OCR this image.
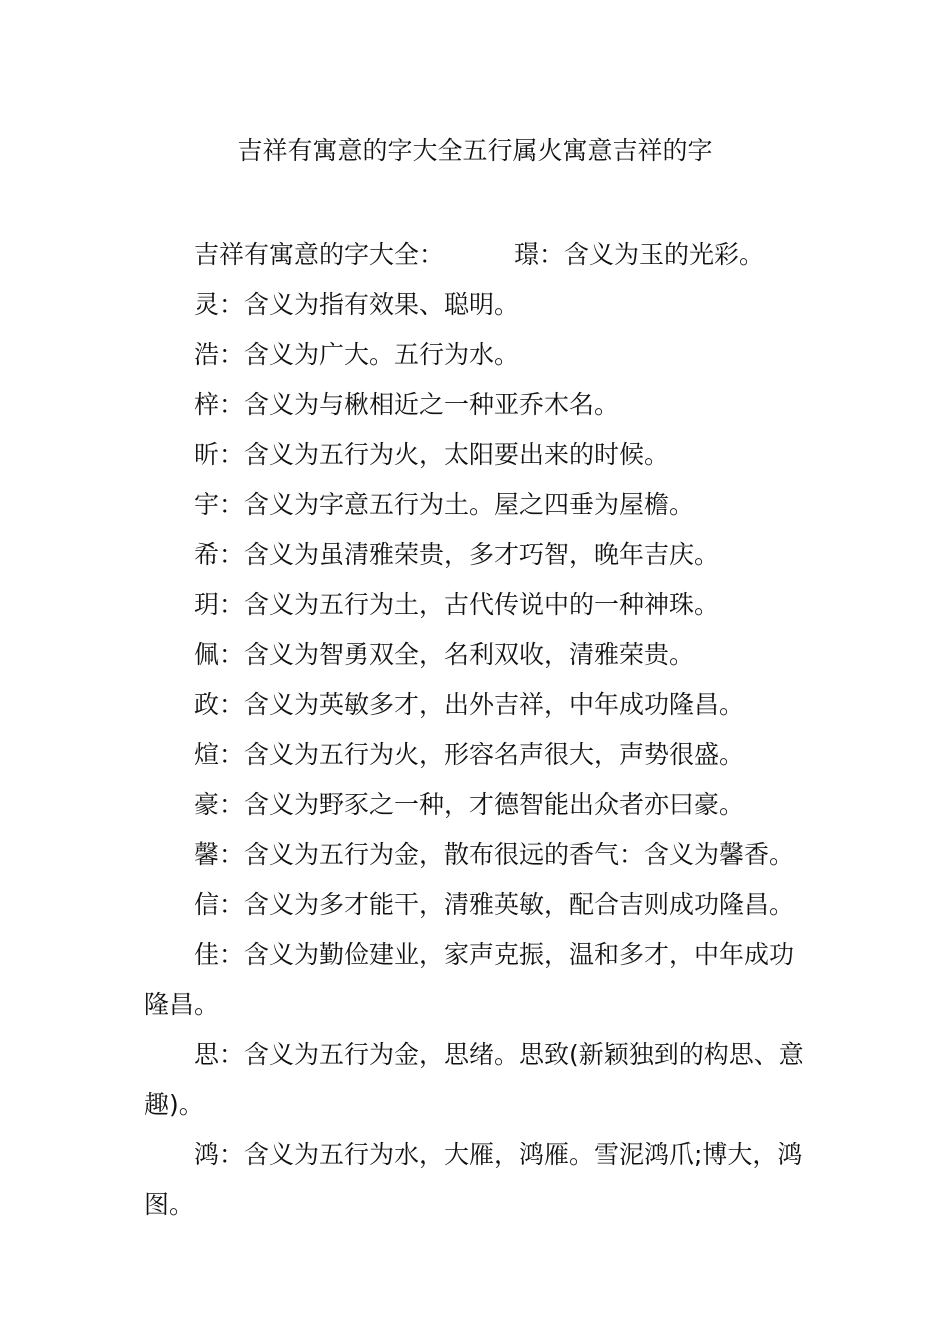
吉祥有寓意的字大全五行属火寓意吉祥的字

吉祥有寓意的字大全：	璟：含义为玉的光彩。

灵：含义为指有效果、聪明。

浩：含义为广大。五行为水。

梓：含义为与楸相近之一种亚乔木名。

昕：含义为五行为火，太阳要出来的时候。

宇：含义为字意五行为土。屋之四垂为屋檐。

希：含义为虽清雅荣贵，多才巧智，晚年吉庆。

玥：含义为五行为土，古代传说中的一种神珠。

佩：含义为智勇双全，名利双收，清雅荣贵。

政：含义为英敏多才，出外吉祥，中年成功隆昌。

煊：含义为五行为火，形容名声很大，声势很盛。

豪：含义为野豕之一种，才德智能出众者亦曰豪。

馨：含义为五行为金，散布很远的香气：含义为馨香。

信：含义为多才能干，清雅英敏，配合吉则成功隆昌。

佳：含义为勤俭建业，家声克振，温和多才，中年成功隆昌。

思：含义为五行为金，思绪。思致(新颖独到的构思、意趣)。

鸿：含义为五行为水，大雁，鸿雁。雪泥鸿爪;博大，鸿图。
